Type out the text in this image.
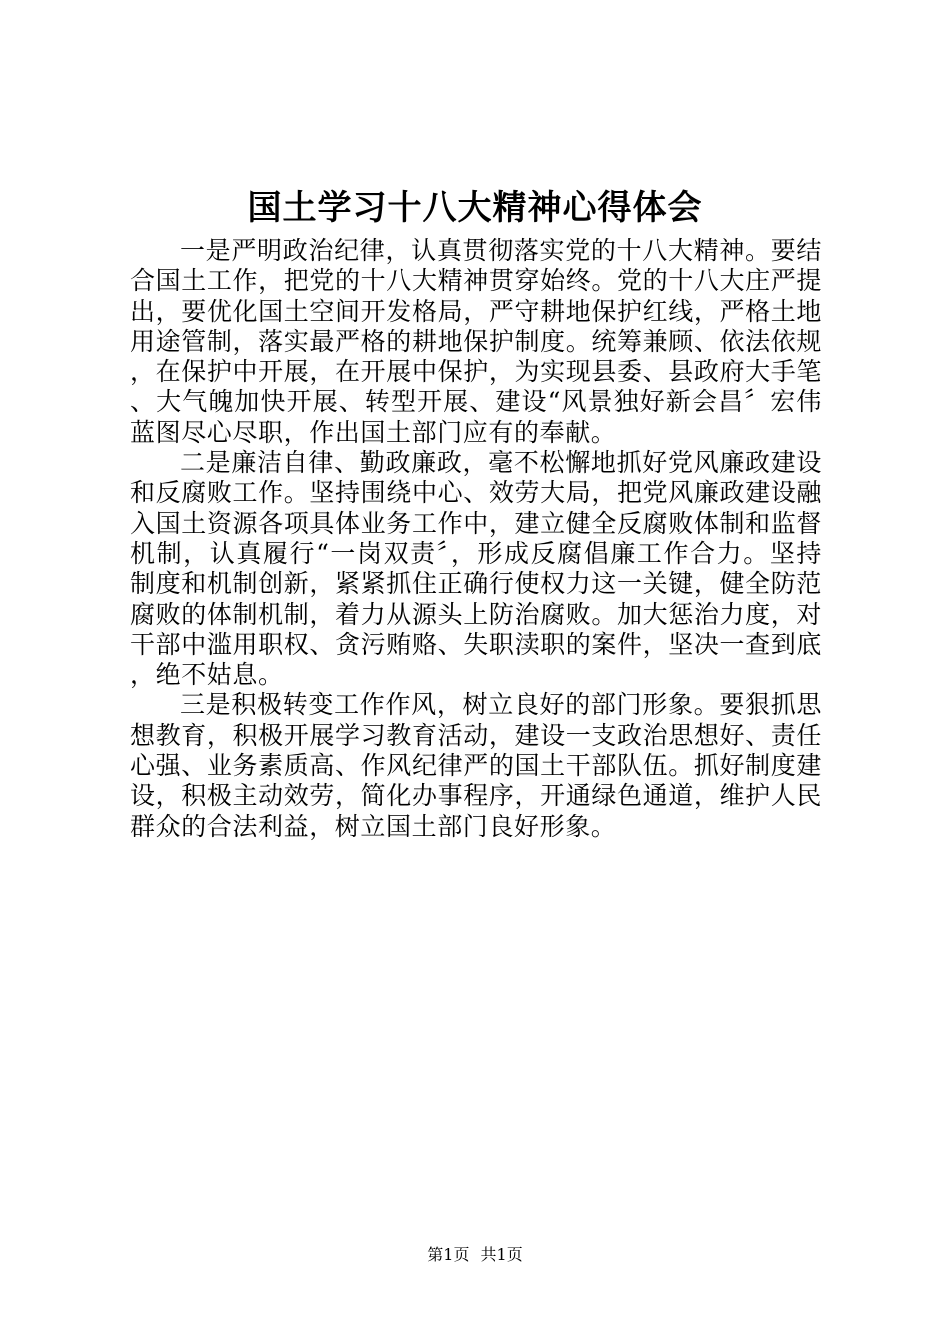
国土学习十八大精神心得体会

一是严明政治纪律，认真贯彻落实党的十八大精神。要结合国土工作，把党的十八大精神贯穿始终。党的十八大庄严提出，要优化国土空间开发格局，严守耕地保护红线，严格土地用途管制，落实最严格的耕地保护制度。统筹兼顾、依法依规，在保护中开展，在开展中保护，为实现县委、县政府大手笔、大气魄加快开展、转型开展、建设“风景独好新会昌〞宏伟蓝图尽心尽职，作出国土部门应有的奉献。

二是廉洁自律、勤政廉政，毫不松懈地抓好党风廉政建设和反腐败工作。坚持围绕中心、效劳大局，把党风廉政建设融入国土资源各项具体业务工作中，建立健全反腐败体制和监督机制，认真履行“一岗双责〞，形成反腐倡廉工作合力。坚持制度和机制创新，紧紧抓住正确行使权力这一关键，健全防范腐败的体制机制，着力从源头上防治腐败。加大惩治力度，对干部中滥用职权、贪污贿赂、失职渎职的案件，坚决一查到底，绝不姑息。

三是积极转变工作作风，树立良好的部门形象。要狠抓思想教育，积极开展学习教育活动，建设一支政治思想好、责任心强、业务素质高、作风纪律严的国土干部队伍。抓好制度建设，积极主动效劳，简化办事程序，开通绿色通道，维护人民群众的合法利益，树立国土部门良好形象。

第1页 共1页
